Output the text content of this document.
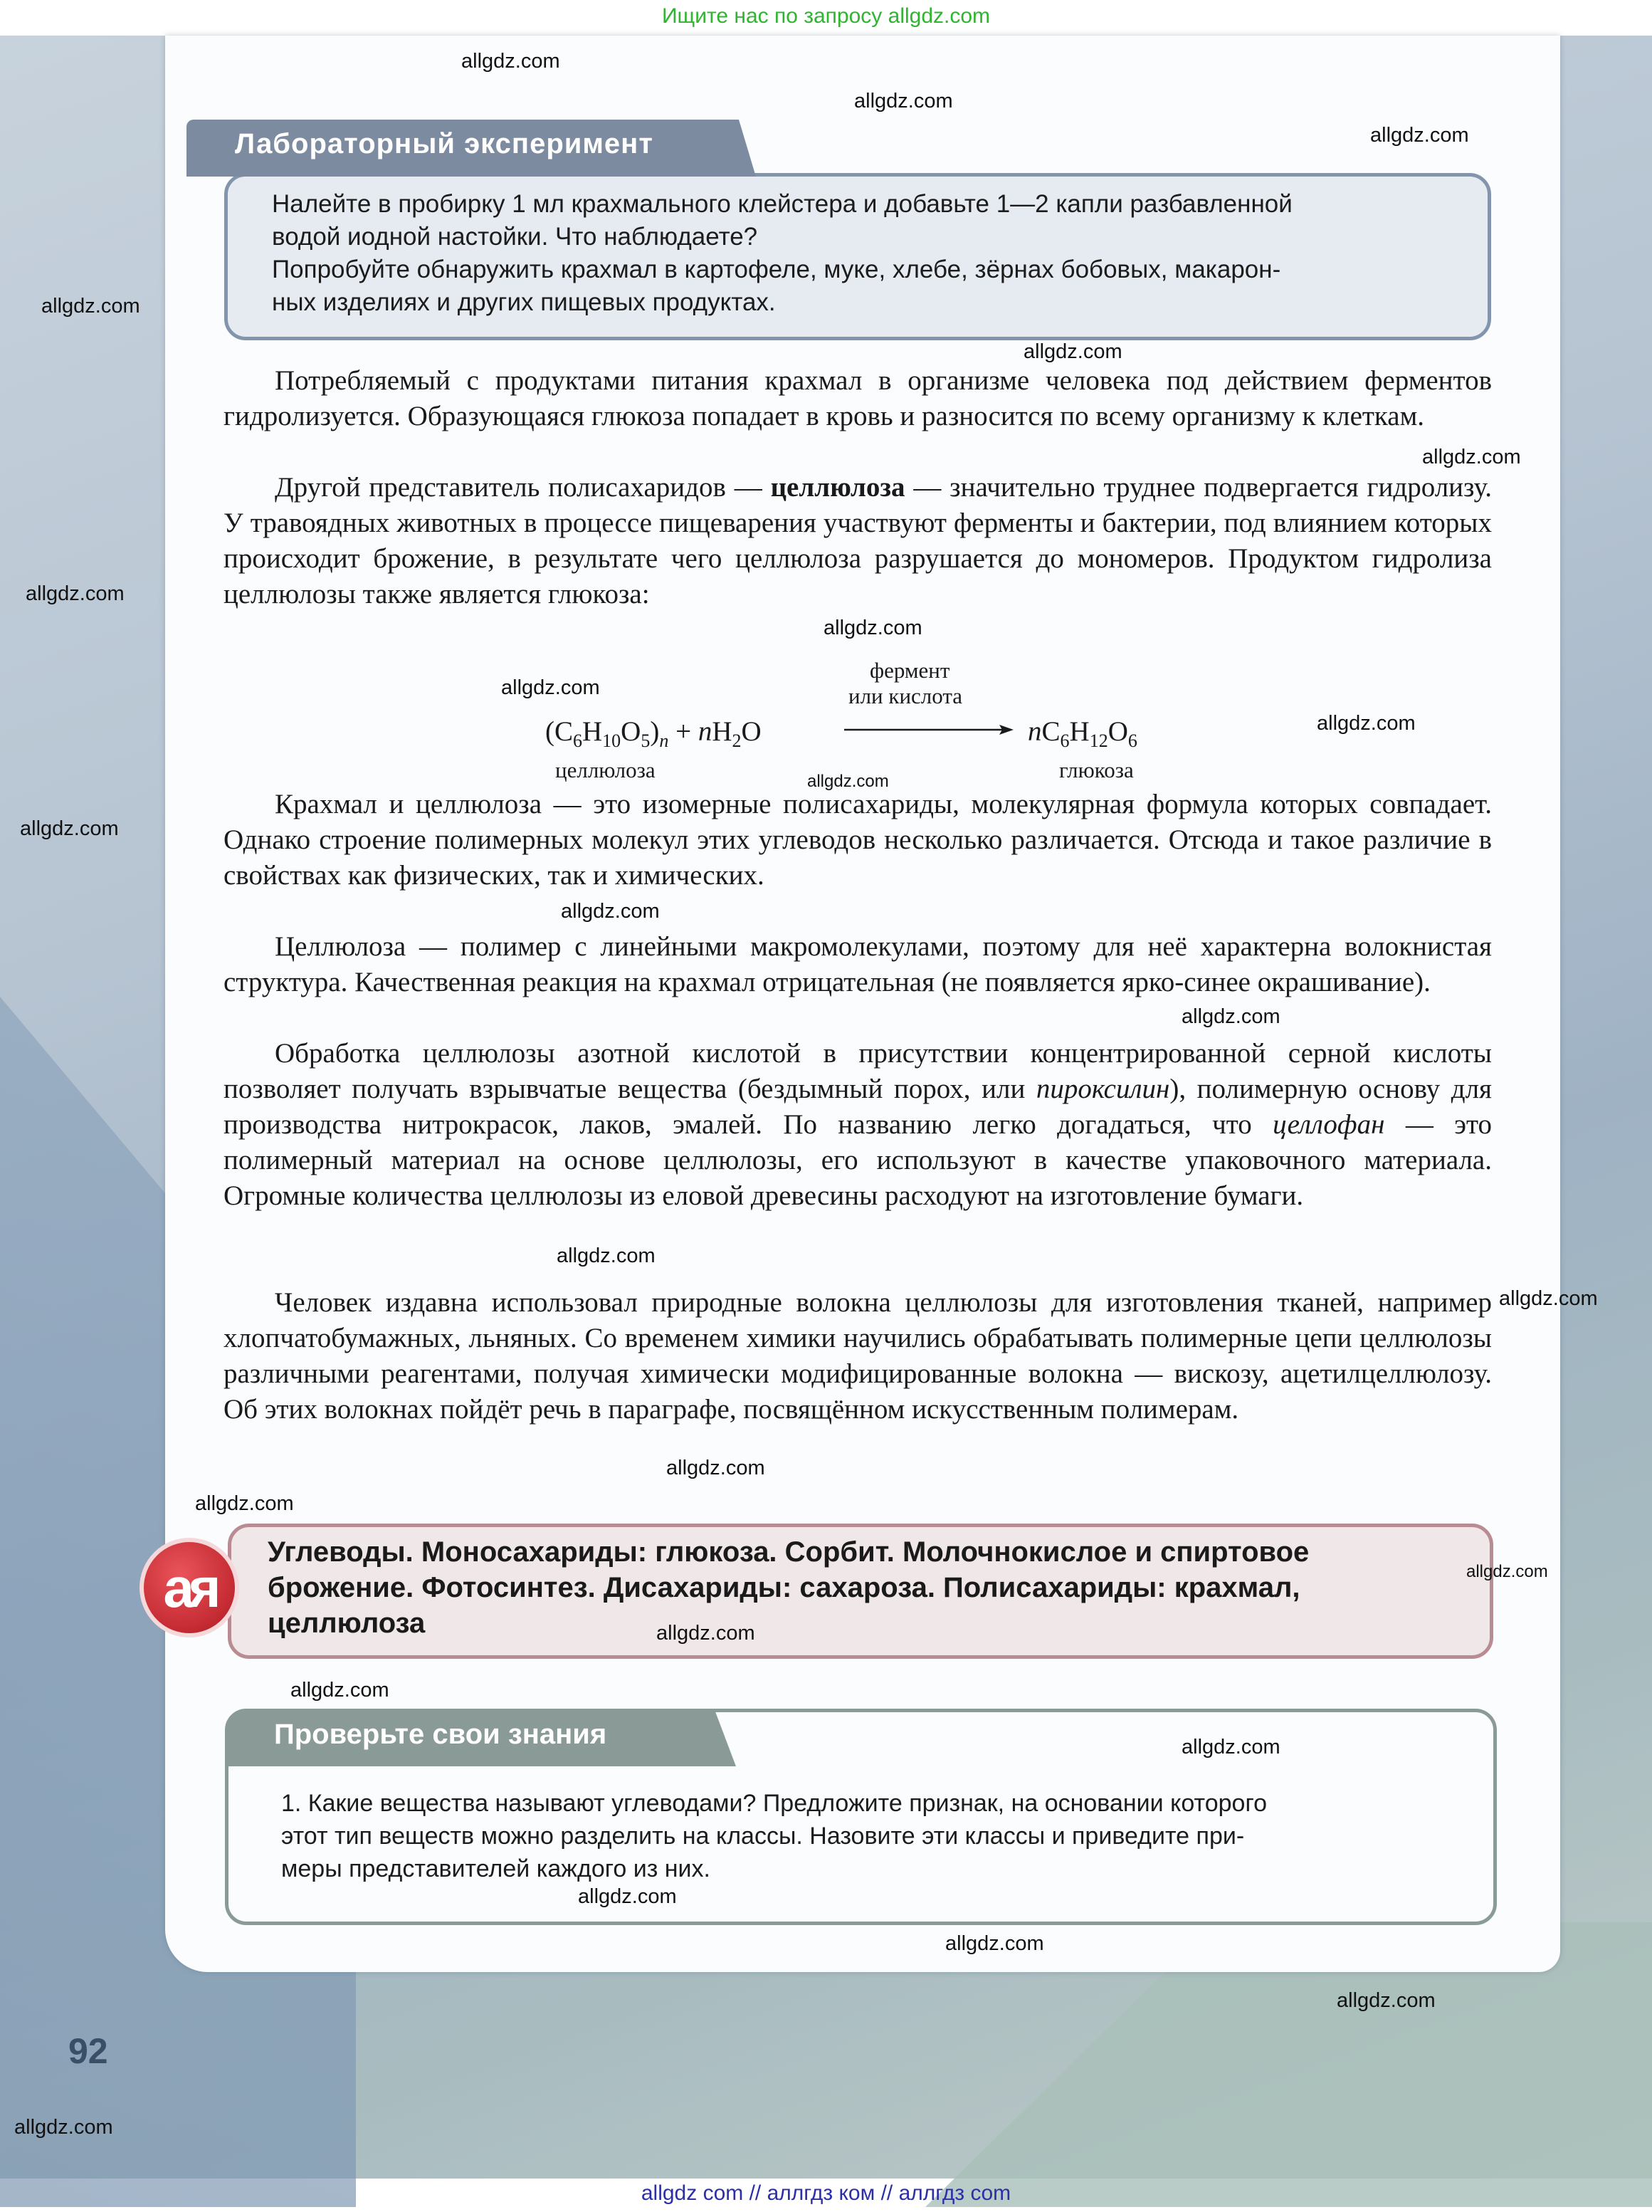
Ищите нас по запросу allgdz.com
Лабораторный эксперимент
Налейте в пробирку 1 мл крахмального клейстера и добавьте 1—2 капли разбавленной
водой иодной настойки. Что наблюдаете?
Попробуйте обнаружить крахмал в картофеле, муке, хлебе, зёрнах бобовых, макарон-
ных изделиях и других пищевых продуктах.
Потребляемый с продуктами питания крахмал в организме человека под действием ферментов гидролизуется. Образующаяся глюкоза попадает в кровь и разносится по всему организму к клеткам.
Другой представитель полисахаридов — целлюлоза — значительно труднее подвергается гидролизу. У травоядных животных в процессе пищеварения участвуют ферменты и бактерии, под влиянием которых происходит брожение, в результате чего целлюлоза разрушается до мономеров. Продуктом гидролиза целлюлозы также является глюкоза:
$(C_6H_{10}O_5)_n + nH_2O$
фермент
или кислота
$nC_6H_{12}O_6$
целлюлоза	глюкоза
Крахмал и целлюлоза — это изомерные полисахариды, молекулярная формула которых совпадает. Однако строение полимерных молекул этих углеводов несколько различается. Отсюда и такое различие в свойствах как физических, так и химических.
Целлюлоза — полимер с линейными макромолекулами, поэтому для неё характерна волокнистая структура. Качественная реакция на крахмал отрицательная (не появляется ярко-синее окрашивание).
Обработка целлюлозы азотной кислотой в присутствии концентрированной серной кислоты позволяет получать взрывчатые вещества (бездымный порох, или пироксилин), полимерную основу для производства нитрокрасок, лаков, эмалей. По названию легко догадаться, что целлофан — это полимерный материал на основе целлюлозы, его используют в качестве упаковочного материала. Огромные количества целлюлозы из еловой древесины расходуют на изготовление бумаги.
Человек издавна использовал природные волокна целлюлозы для изготовления тканей, например хлопчатобумажных, льняных. Со временем химики научились обрабатывать полимерные цепи целлюлозы различными реагентами, получая химически модифицированные волокна — вискозу, ацетилцеллюлозу. Об этих волокнах пойдёт речь в параграфе, посвящённом искусственным полимерам.
ая
Углеводы. Моносахариды: глюкоза. Сорбит. Молочнокислое и спиртовое
брожение. Фотосинтез. Дисахариды: сахароза. Полисахариды: крахмал,
целлюлоза
Проверьте свои знания
1. Какие вещества называют углеводами? Предложите признак, на основании которого
этот тип веществ можно разделить на классы. Назовите эти классы и приведите при-
меры представителей каждого из них.
92
allgdz.com
allgdz.com
allgdz.com
allgdz.com
allgdz.com
allgdz.com
allgdz.com
allgdz.com
allgdz.com
allgdz.com
allgdz.com
allgdz.com
allgdz.com
allgdz.com
allgdz.com
allgdz.com
allgdz.com
allgdz.com
allgdz.com
allgdz.com
allgdz.com
allgdz.com
allgdz.com
allgdz.com
allgdz.com
allgdz.com
allgdz com // аллгдз ком // аллгдз com
